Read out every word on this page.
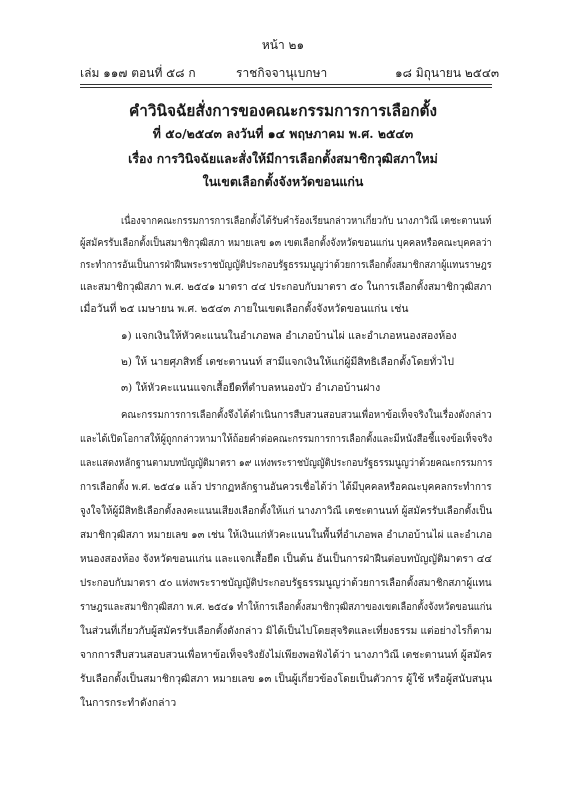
หน้า ๒๑
เล่ม ๑๑๗ ตอนที่ ๕๘ ก	ราชกิจจานุเบกษา	๑๘ มิถุนายน ๒๕๔๓
คำวินิจฉัยสั่งการของคณะกรรมการการเลือกตั้ง
ที่ ๕๐/๒๕๔๓ ลงวันที่ ๑๔ พฤษภาคม พ.ศ. ๒๕๔๓
เรื่อง การวินิจฉัยและสั่งให้มีการเลือกตั้งสมาชิกวุฒิสภาใหม่
ในเขตเลือกตั้งจังหวัดขอนแก่น
เนื่องจากคณะกรรมการการเลือกตั้งได้รับคำร้องเรียนกล่าวหาเกี่ยวกับ นางภาวิณี เตชะตานนท์
ผู้สมัครรับเลือกตั้งเป็นสมาชิกวุฒิสภา หมายเลข ๑๓ เขตเลือกตั้งจังหวัดขอนแก่น บุคคลหรือคณะบุคคลว่า
กระทำการอันเป็นการฝ่าฝืนพระราชบัญญัติประกอบรัฐธรรมนูญว่าด้วยการเลือกตั้งสมาชิกสภาผู้แทนราษฎร
และสมาชิกวุฒิสภา พ.ศ. ๒๕๔๑ มาตรา ๔๔ ประกอบกับมาตรา ๕๐ ในการเลือกตั้งสมาชิกวุฒิสภา
เมื่อวันที่ ๒๕ เมษายน พ.ศ. ๒๕๔๓ ภายในเขตเลือกตั้งจังหวัดขอนแก่น เช่น
๑) แจกเงินให้หัวคะแนนในอำเภอพล อำเภอบ้านไผ่ และอำเภอหนองสองห้อง
๒) ให้ นายศุภสิทธิ์ เตชะตานนท์ สามีแจกเงินให้แก่ผู้มีสิทธิเลือกตั้งโดยทั่วไป
๓) ให้หัวคะแนนแจกเสื้อยืดที่ตำบลหนองบัว อำเภอบ้านฝาง
คณะกรรมการการเลือกตั้งจึงได้ดำเนินการสืบสวนสอบสวนเพื่อหาข้อเท็จจริงในเรื่องดังกล่าว
และได้เปิดโอกาสให้ผู้ถูกกล่าวหามาให้ถ้อยคำต่อคณะกรรมการการเลือกตั้งและมีหนังสือชี้แจงข้อเท็จจริง
และแสดงหลักฐานตามบทบัญญัติมาตรา ๑๙ แห่งพระราชบัญญัติประกอบรัฐธรรมนูญว่าด้วยคณะกรรมการ
การเลือกตั้ง พ.ศ. ๒๕๔๑ แล้ว ปรากฏหลักฐานอันควรเชื่อได้ว่า ได้มีบุคคลหรือคณะบุคคลกระทำการ
จูงใจให้ผู้มีสิทธิเลือกตั้งลงคะแนนเสียงเลือกตั้งให้แก่ นางภาวิณี เตชะตานนท์ ผู้สมัครรับเลือกตั้งเป็น
สมาชิกวุฒิสภา หมายเลข ๑๓ เช่น ให้เงินแก่หัวคะแนนในพื้นที่อำเภอพล อำเภอบ้านไผ่ และอำเภอ
หนองสองห้อง จังหวัดขอนแก่น และแจกเสื้อยืด เป็นต้น อันเป็นการฝ่าฝืนต่อบทบัญญัติมาตรา ๔๔
ประกอบกับมาตรา ๕๐ แห่งพระราชบัญญัติประกอบรัฐธรรมนูญว่าด้วยการเลือกตั้งสมาชิกสภาผู้แทน
ราษฎรและสมาชิกวุฒิสภา พ.ศ. ๒๕๔๑ ทำให้การเลือกตั้งสมาชิกวุฒิสภาของเขตเลือกตั้งจังหวัดขอนแก่น
ในส่วนที่เกี่ยวกับผู้สมัครรับเลือกตั้งดังกล่าว มิได้เป็นไปโดยสุจริตและเที่ยงธรรม แต่อย่างไรก็ตาม
จากการสืบสวนสอบสวนเพื่อหาข้อเท็จจริงยังไม่เพียงพอฟังได้ว่า นางภาวิณี เตชะตานนท์ ผู้สมัคร
รับเลือกตั้งเป็นสมาชิกวุฒิสภา หมายเลข ๑๓ เป็นผู้เกี่ยวข้องโดยเป็นตัวการ ผู้ใช้ หรือผู้สนับสนุน
ในการกระทำดังกล่าว
